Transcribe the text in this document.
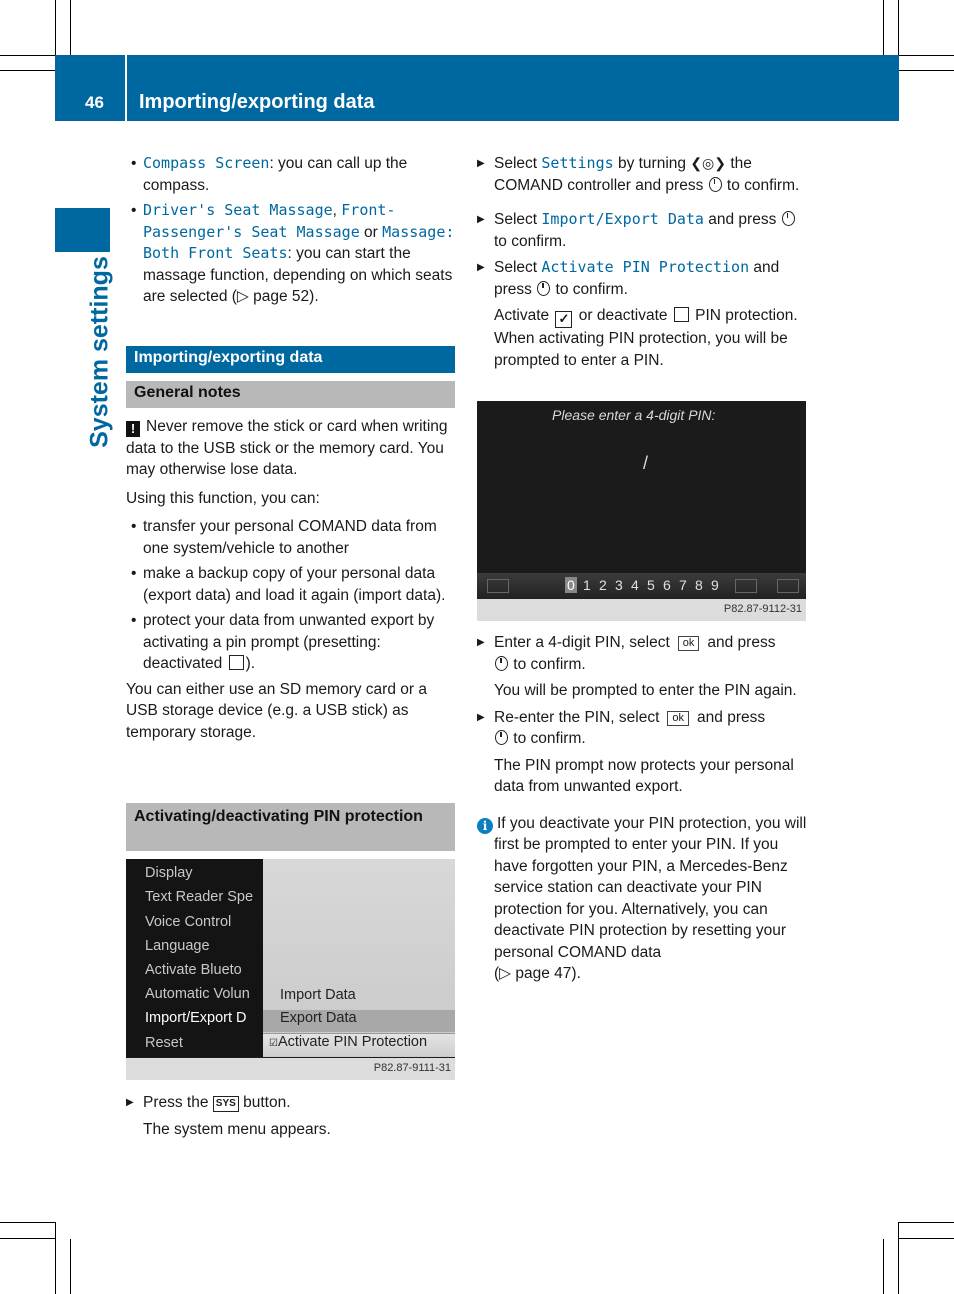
46 Importing/exporting data
System settings
• Compass Screen: you can call up the compass.
• Driver's Seat Massage, Front-Passenger's Seat Massage or Massage: Both Front Seats: you can start the massage function, depending on which seats are selected (▷ page 52).
Importing/exporting data
General notes

! Never remove the stick or card when writing data to the USB stick or the memory card. You may otherwise lose data.

Using this function, you can:

• transfer your personal COMAND data from one system/vehicle to another
• make a backup copy of your personal data (export data) and load it again (import data).
• protect your data from unwanted export by activating a pin prompt (presetting: deactivated ).

You can either use an SD memory card or a USB storage device (e.g. a USB stick) as temporary storage.

Activating/deactivating PIN protection
Display
Text Reader Spe
Voice Control
Language
Activate Blueto
Automatic Volun
Import/Export D
Reset
Import Data
Export Data
☑Activate PIN Protection
P82.87-9111-31
▶ Press the SYS button.
The system menu appears.
▶ Select Settings by turning ❮◎❯ the COMAND controller and press  to confirm.
▶ Select Import/Export Data and press  to confirm.
▶ Select Activate PIN Protection and press  to confirm.
Activate ✓ or deactivate  PIN protection. When activating PIN protection, you will be prompted to enter a PIN.
Please enter a 4-digit PIN:
/
0 1 2 3 4 5 6 7 8 9
P82.87-9112-31
▶ Enter a 4-digit PIN, select ok and press
to confirm.
You will be prompted to enter the PIN again.
▶ Re-enter the PIN, select ok and press
to confirm.
The PIN prompt now protects your personal data from unwanted export.
i If you deactivate your PIN protection, you will first be prompted to enter your PIN. If you have forgotten your PIN, a Mercedes-Benz service station can deactivate your PIN protection for you. Alternatively, you can deactivate PIN protection by resetting your personal COMAND data
(▷ page 47).
